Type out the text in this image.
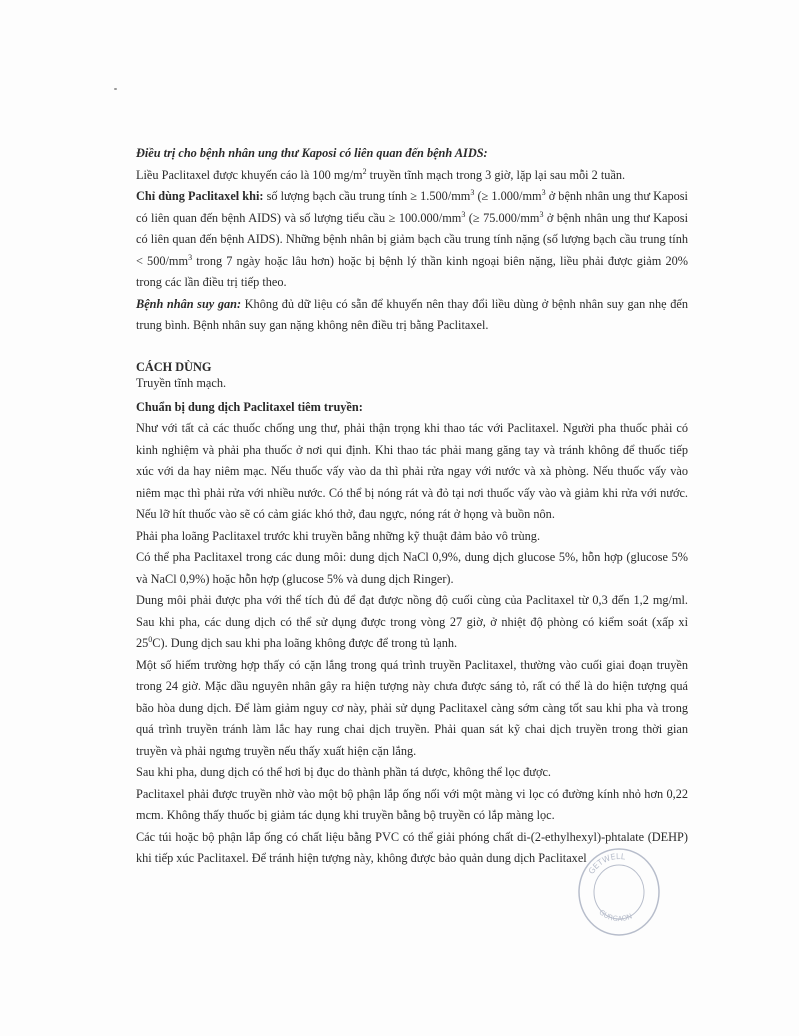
Điều trị cho bệnh nhân ung thư Kaposi có liên quan đến bệnh AIDS:

Liều Paclitaxel được khuyến cáo là 100 $mg/m^2$ truyền tĩnh mạch trong 3 giờ, lặp lại sau mỗi 2 tuần.

Chỉ dùng Paclitaxel khi: số lượng bạch cầu trung tính ≥ $1.500/mm^3$ (≥ $1.000/mm^3$ ở bệnh nhân ung thư Kaposi có liên quan đến bệnh AIDS) và số lượng tiểu cầu ≥ $100.000/mm^3$ (≥ $75.000/mm^3$ ở bệnh nhân ung thư Kaposi có liên quan đến bệnh AIDS). Những bệnh nhân bị giảm bạch cầu trung tính nặng (số lượng bạch cầu trung tính < $500/mm^3$ trong 7 ngày hoặc lâu hơn) hoặc bị bệnh lý thần kinh ngoại biên nặng, liều phải được giảm 20% trong các lần điều trị tiếp theo.

Bệnh nhân suy gan: Không đủ dữ liệu có sẵn để khuyến nên thay đổi liều dùng ở bệnh nhân suy gan nhẹ đến trung bình. Bệnh nhân suy gan nặng không nên điều trị bằng Paclitaxel.

CÁCH DÙNG

Truyền tĩnh mạch.

Chuẩn bị dung dịch Paclitaxel tiêm truyền:

Như với tất cả các thuốc chống ung thư, phải thận trọng khi thao tác với Paclitaxel. Người pha thuốc phải có kinh nghiệm và phải pha thuốc ở nơi qui định. Khi thao tác phải mang găng tay và tránh không để thuốc tiếp xúc với da hay niêm mạc. Nếu thuốc vấy vào da thì phải rửa ngay với nước và xà phòng. Nếu thuốc vấy vào niêm mạc thì phải rửa với nhiều nước. Có thể bị nóng rát và đỏ tại nơi thuốc vấy vào và giảm khi rửa với nước. Nếu lỡ hít thuốc vào sẽ có cảm giác khó thở, đau ngực, nóng rát ở họng và buồn nôn.

Phải pha loãng Paclitaxel trước khi truyền bằng những kỹ thuật đảm bảo vô trùng.

Có thể pha Paclitaxel trong các dung môi: dung dịch NaCl 0,9%, dung dịch glucose 5%, hỗn hợp (glucose 5% và NaCl 0,9%) hoặc hỗn hợp (glucose 5% và dung dịch Ringer).

Dung môi phải được pha với thể tích đủ để đạt được nồng độ cuối cùng của Paclitaxel từ 0,3 đến 1,2 mg/ml. Sau khi pha, các dung dịch có thể sử dụng được trong vòng 27 giờ, ở nhiệt độ phòng có kiểm soát (xấp xỉ $25^0C$). Dung dịch sau khi pha loãng không được để trong tủ lạnh.

Một số hiếm trường hợp thấy có cặn lắng trong quá trình truyền Paclitaxel, thường vào cuối giai đoạn truyền trong 24 giờ. Mặc dầu nguyên nhân gây ra hiện tượng này chưa được sáng tỏ, rất có thể là do hiện tượng quá bão hòa dung dịch. Để làm giảm nguy cơ này, phải sử dụng Paclitaxel càng sớm càng tốt sau khi pha và trong quá trình truyền tránh làm lắc hay rung chai dịch truyền. Phải quan sát kỹ chai dịch truyền trong thời gian truyền và phải ngưng truyền nếu thấy xuất hiện cặn lắng.

Sau khi pha, dung dịch có thể hơi bị đục do thành phần tá dược, không thể lọc được.

Paclitaxel phải được truyền nhờ vào một bộ phận lắp ống nối với một màng vi lọc có đường kính nhỏ hơn 0,22 mcm. Không thấy thuốc bị giảm tác dụng khi truyền bằng bộ truyền có lắp màng lọc.

Các túi hoặc bộ phận lắp ống có chất liệu bằng PVC có thể giải phóng chất di-(2-ethylhexyl)-phtalate (DEHP) khi tiếp xúc Paclitaxel. Để tránh hiện tượng này, không được bảo quản dung dịch Paclitaxel

GETWELL
GURGAON
